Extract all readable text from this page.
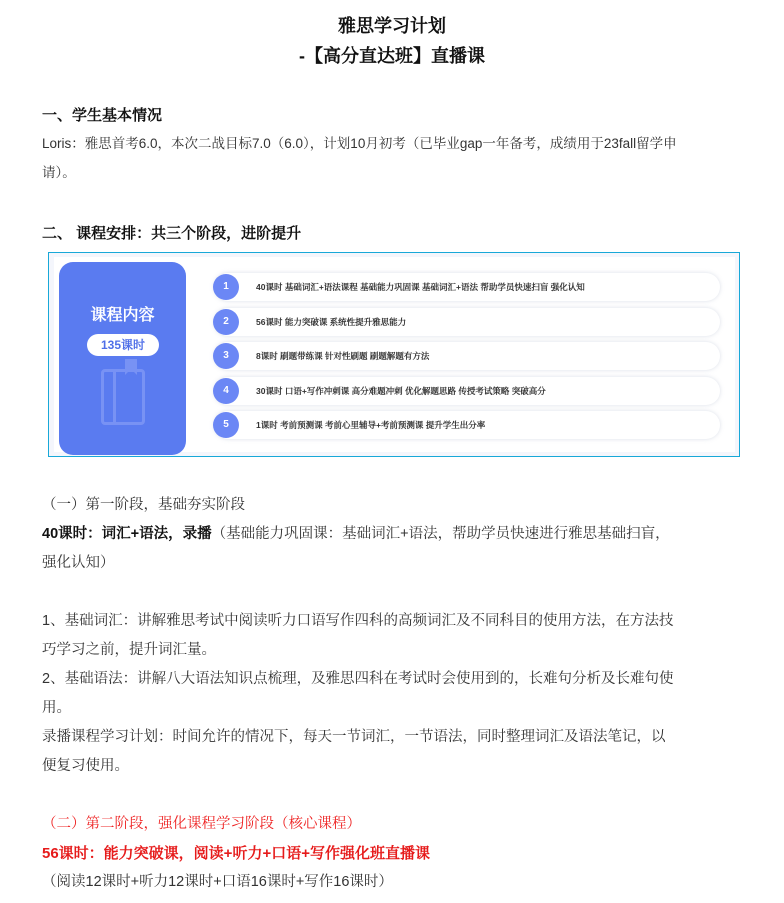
雅思学习计划
-【高分直达班】直播课
一、学生基本情况
Loris：雅思首考6.0，本次二战目标7.0（6.0），计划10月初考（已毕业gap一年备考，成绩用于23fall留学申
请）。
二、 课程安排：共三个阶段，进阶提升
课程内容
135课时
1	40课时 基础词汇+语法课程 基础能力巩固课 基础词汇+语法 帮助学员快速扫盲 强化认知
2	56课时 能力突破课 系统性提升雅思能力
3	8课时 刷题带练课 针对性刷题 刷题解题有方法
4	30课时 口语+写作冲刺课 高分难题冲刺 优化解题思路 传授考试策略 突破高分
5	1课时 考前预测课 考前心里辅导+考前预测课 提升学生出分率
（一）第一阶段，基础夯实阶段
40课时：词汇+语法，录播（基础能力巩固课：基础词汇+语法，帮助学员快速进行雅思基础扫盲，
强化认知）
1、基础词汇：讲解雅思考试中阅读听力口语写作四科的高频词汇及不同科目的使用方法，在方法技
巧学习之前，提升词汇量。
2、基础语法：讲解八大语法知识点梳理，及雅思四科在考试时会使用到的，长难句分析及长难句使
用。
录播课程学习计划：时间允许的情况下，每天一节词汇，一节语法，同时整理词汇及语法笔记，以
便复习使用。
（二）第二阶段，强化课程学习阶段（核心课程）
56课时：能力突破课，阅读+听力+口语+写作强化班直播课
（阅读12课时+听力12课时+口语16课时+写作16课时）
